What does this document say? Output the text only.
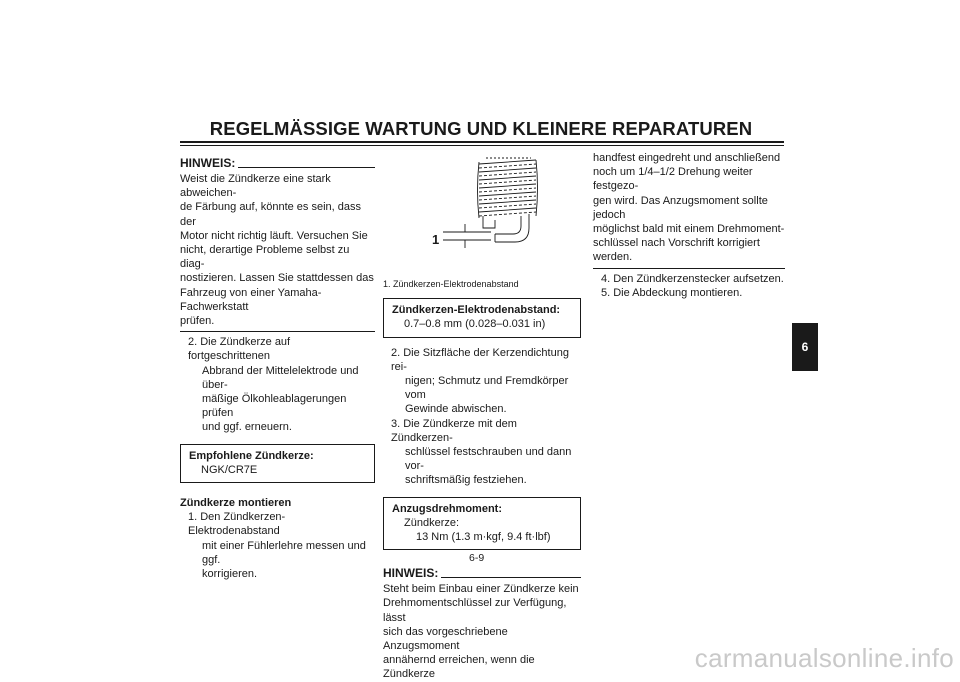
REGELMÄSSIGE WARTUNG UND KLEINERE REPARATUREN
HINWEIS:

Weist die Zündkerze eine stark abweichen-

de Färbung auf, könnte es sein, dass der

Motor nicht richtig läuft. Versuchen Sie

nicht, derartige Probleme selbst zu diag-

nostizieren. Lassen Sie stattdessen das

Fahrzeug von einer Yamaha-Fachwerkstatt

prüfen.

2. Die Zündkerze auf fortgeschrittenen

Abbrand der Mittelelektrode und über-

mäßige Ölkohleablagerungen prüfen

und ggf. erneuern.

Empfohlene Zündkerze:

NGK/CR7E

Zündkerze montieren

1. Den Zündkerzen-Elektrodenabstand

mit einer Fühlerlehre messen und ggf.

korrigieren.

1

1. Zündkerzen-Elektrodenabstand

Zündkerzen-Elektrodenabstand:

0.7–0.8 mm (0.028–0.031 in)

2. Die Sitzfläche der Kerzendichtung rei-

nigen; Schmutz und Fremdkörper vom

Gewinde abwischen.

3. Die Zündkerze mit dem Zündkerzen-

schlüssel festschrauben und dann vor-

schriftsmäßig festziehen.

Anzugsdrehmoment:

Zündkerze:

13 Nm (1.3 m·kgf, 9.4 ft·lbf)

HINWEIS:

Steht beim Einbau einer Zündkerze kein

Drehmomentschlüssel zur Verfügung, lässt

sich das vorgeschriebene Anzugsmoment

annähernd erreichen, wenn die Zündkerze

handfest eingedreht und anschließend

noch um 1/4–1/2 Drehung weiter festgezo-

gen wird. Das Anzugsmoment sollte jedoch

möglichst bald mit einem Drehmoment-

schlüssel nach Vorschrift korrigiert werden.

4. Den Zündkerzenstecker aufsetzen.

5. Die Abdeckung montieren.

6-9
6
carmanualsonline.info
